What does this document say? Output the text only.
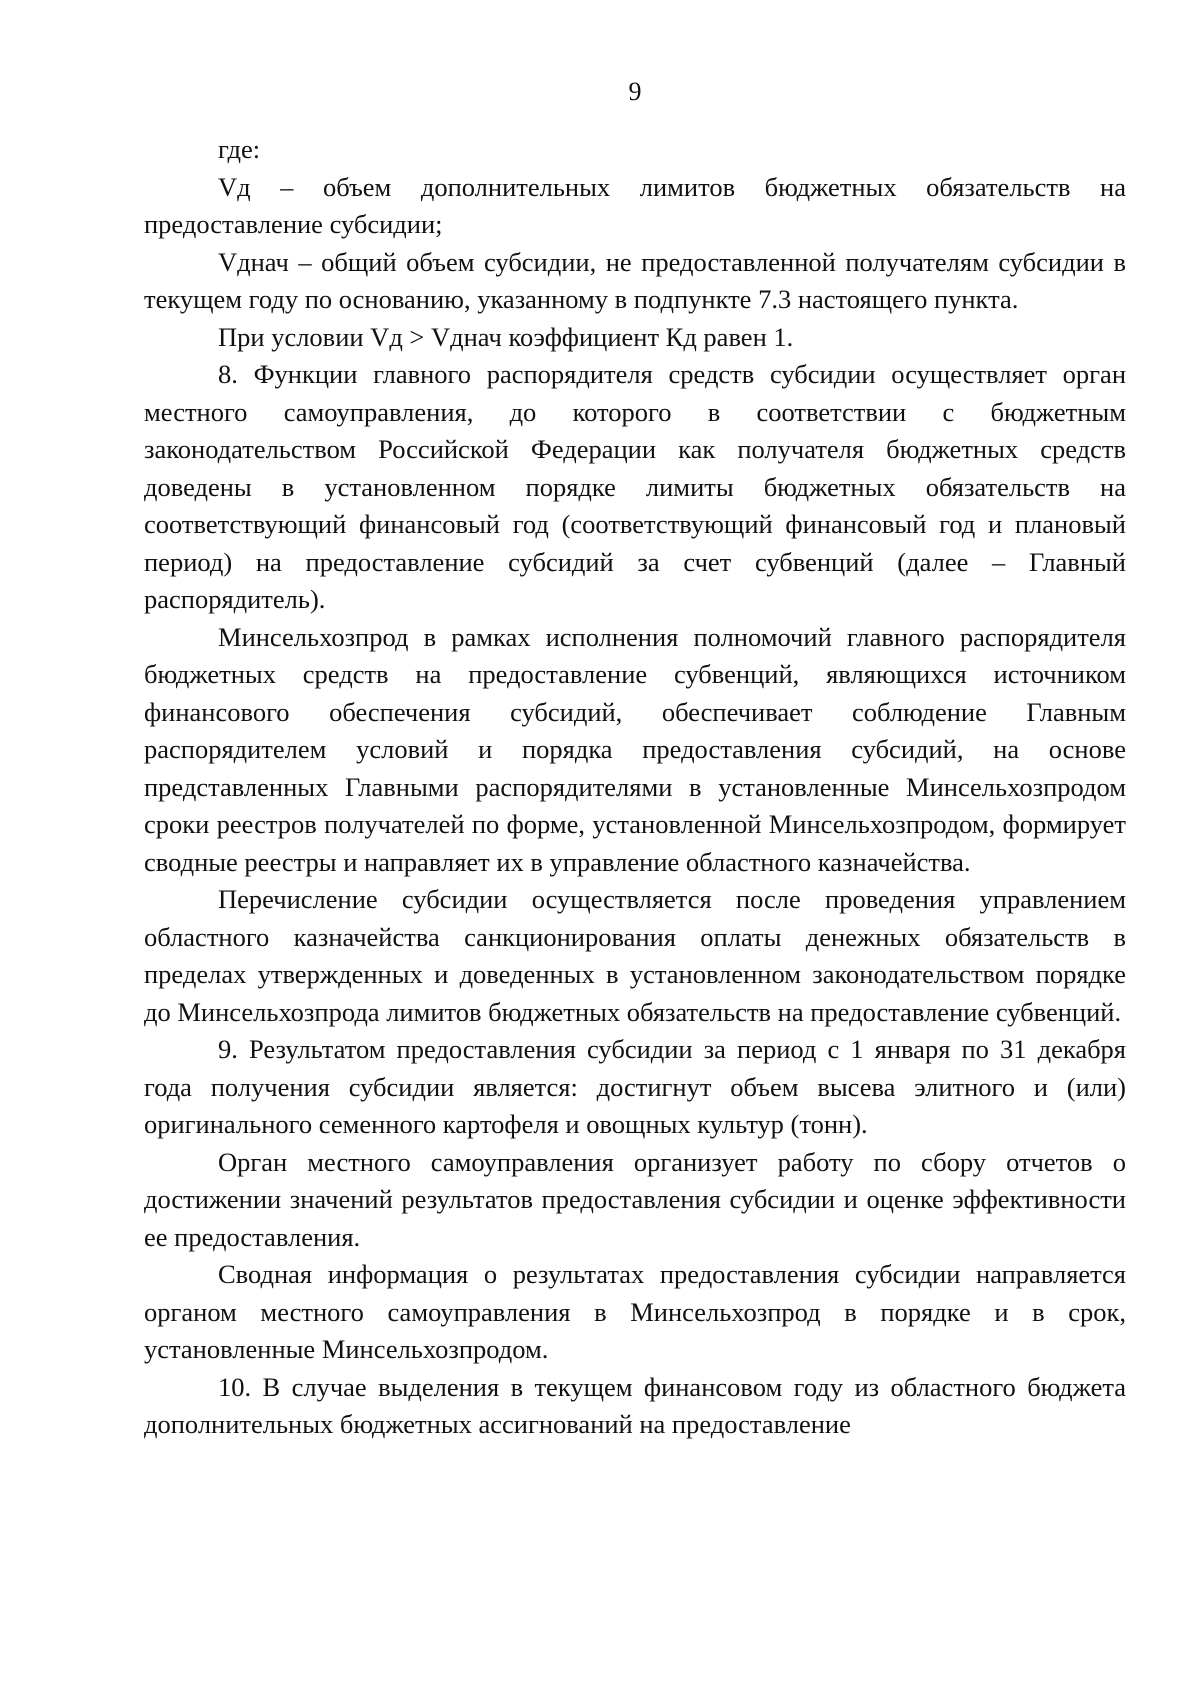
9

где:

Vд – объем дополнительных лимитов бюджетных обязательств на предоставление субсидии;

Vднач – общий объем субсидии, не предоставленной получателям субсидии в текущем году по основанию, указанному в подпункте 7.3 настоящего пункта.

При условии Vд > Vднач коэффициент Кд равен 1.

8. Функции главного распорядителя средств субсидии осуществляет орган местного самоуправления, до которого в соответствии с бюджетным законодательством Российской Федерации как получателя бюджетных средств доведены в установленном порядке лимиты бюджетных обязательств на соответствующий финансовый год (соответствующий финансовый год и плановый период) на предоставление субсидий за счет субвенций (далее – Главный распорядитель).

Минсельхозпрод в рамках исполнения полномочий главного распорядителя бюджетных средств на предоставление субвенций, являющихся источником финансового обеспечения субсидий, обеспечивает соблюдение Главным распорядителем условий и порядка предоставления субсидий, на основе представленных Главными распорядителями в установленные Минсельхозпродом сроки реестров получателей по форме, установленной Минсельхозпродом, формирует сводные реестры и направляет их в управление областного казначейства.

Перечисление субсидии осуществляется после проведения управлением областного казначейства санкционирования оплаты денежных обязательств в пределах утвержденных и доведенных в установленном законодательством порядке до Минсельхозпрода лимитов бюджетных обязательств на предоставление субвенций.

9. Результатом предоставления субсидии за период с 1 января по 31 декабря года получения субсидии является: достигнут объем высева элитного и (или) оригинального семенного картофеля и овощных культур (тонн).

Орган местного самоуправления организует работу по сбору отчетов о достижении значений результатов предоставления субсидии и оценке эффективности ее предоставления.

Сводная информация о результатах предоставления субсидии направляется органом местного самоуправления в Минсельхозпрод в порядке и в срок, установленные Минсельхозпродом.

10. В случае выделения в текущем финансовом году из областного бюджета дополнительных бюджетных ассигнований на предоставление
